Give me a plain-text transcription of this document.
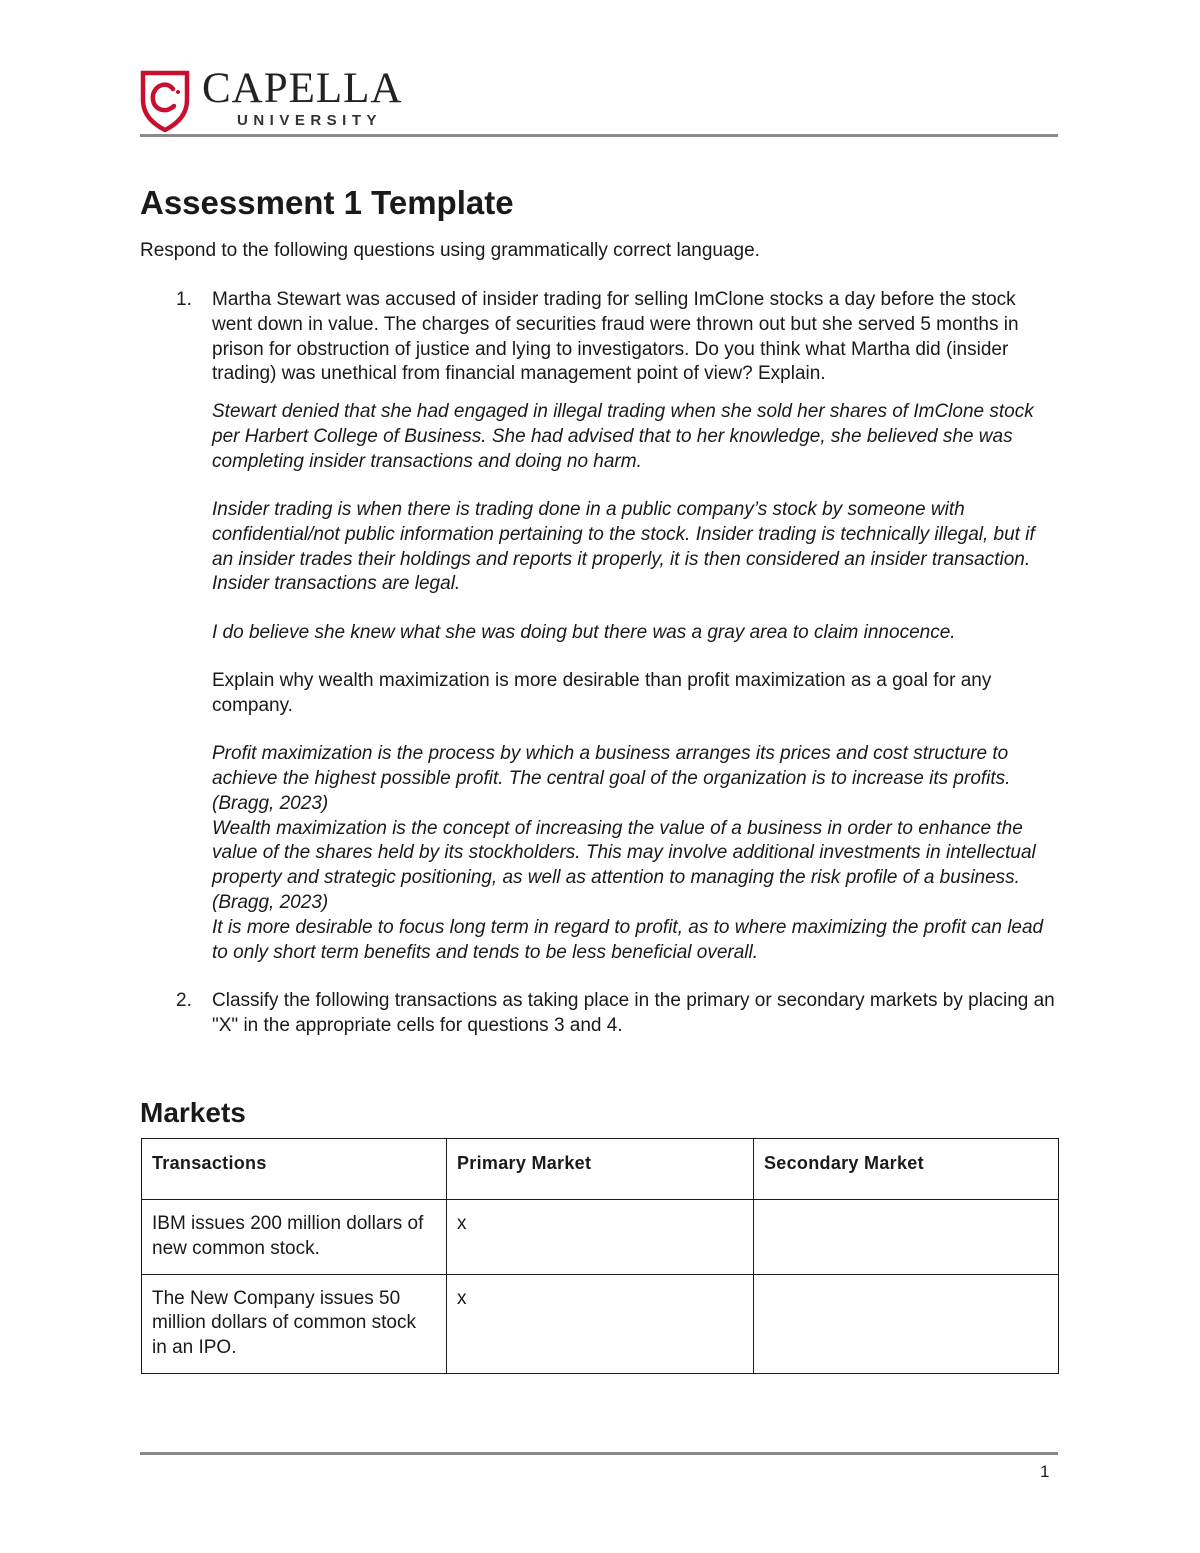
CAPELLA
UNIVERSITY
Assessment 1 Template

Respond to the following questions using grammatically correct language.

1. Martha Stewart was accused of insider trading for selling ImClone stocks a day before the stock went down in value. The charges of securities fraud were thrown out but she served 5 months in prison for obstruction of justice and lying to investigators. Do you think what Martha did (insider trading) was unethical from financial management point of view? Explain.

Stewart denied that she had engaged in illegal trading when she sold her shares of ImClone stock per Harbert College of Business. She had advised that to her knowledge, she believed she was completing insider transactions and doing no harm.

Insider trading is when there is trading done in a public company’s stock by someone with confidential/not public information pertaining to the stock. Insider trading is technically illegal, but if an insider trades their holdings and reports it properly, it is then considered an insider transaction. Insider transactions are legal.

I do believe she knew what she was doing but there was a gray area to claim innocence.

Explain why wealth maximization is more desirable than profit maximization as a goal for any company.

Profit maximization is the process by which a business arranges its prices and cost structure to achieve the highest possible profit. The central goal of the organization is to increase its profits. (Bragg, 2023)

Wealth maximization is the concept of increasing the value of a business in order to enhance the value of the shares held by its stockholders. This may involve additional investments in intellectual property and strategic positioning, as well as attention to managing the risk profile of a business. (Bragg, 2023)

It is more desirable to focus long term in regard to profit, as to where maximizing the profit can lead to only short term benefits and tends to be less beneficial overall.

2. Classify the following transactions as taking place in the primary or secondary markets by placing an "X" in the appropriate cells for questions 3 and 4.

Markets
Transactions	Primary Market	Secondary Market
IBM issues 200 million dollars of new common stock.	x	
The New Company issues 50 million dollars of common stock in an IPO.	x	
1
